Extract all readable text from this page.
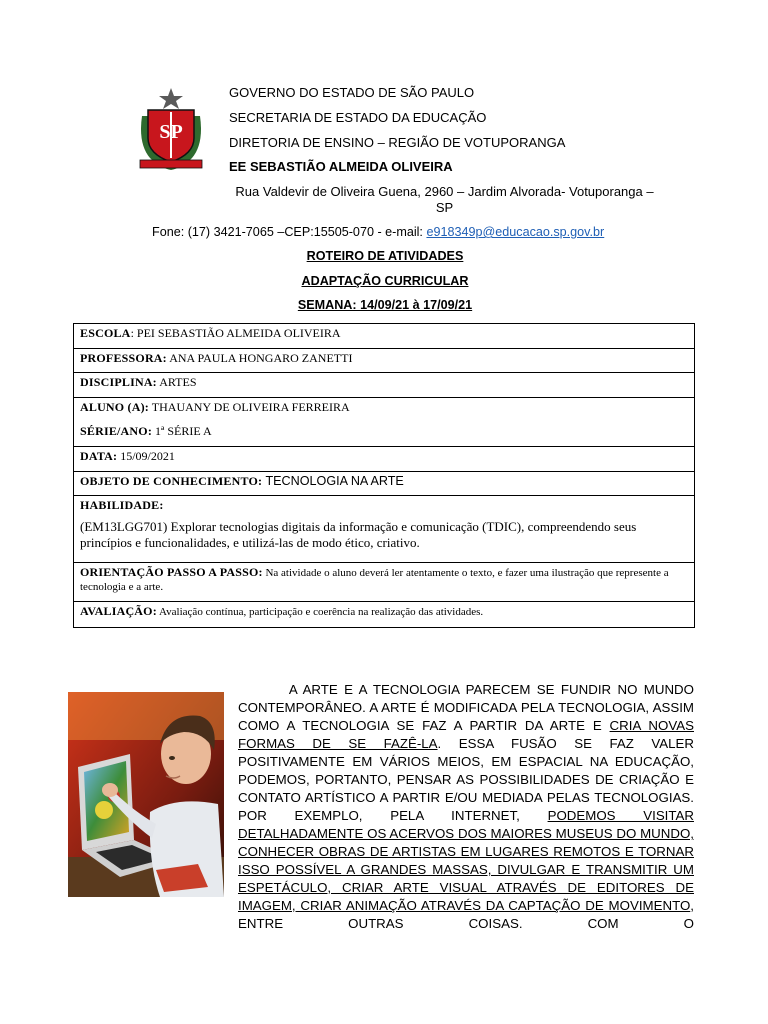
SP
GOVERNO DO ESTADO DE SÃO PAULO
SECRETARIA DE ESTADO DA EDUCAÇÃO
DIRETORIA DE ENSINO – REGIÃO DE VOTUPORANGA
EE SEBASTIÃO ALMEIDA OLIVEIRA
Rua Valdevir de Oliveira Guena, 2960 – Jardim Alvorada- Votuporanga – SP
Fone: (17) 3421-7065 –CEP:15505-070 - e-mail: e918349p@educacao.sp.gov.br
ROTEIRO DE ATIVIDADES
ADAPTAÇÃO CURRICULAR
SEMANA: 14/09/21 à 17/09/21
ESCOLA: PEI SEBASTIÃO ALMEIDA OLIVEIRA
PROFESSORA: ANA PAULA HONGARO ZANETTI
DISCIPLINA: ARTES
ALUNO (A): THAUANY DE OLIVEIRA FERREIRA
SÉRIE/ANO: 1ª SÉRIE A
DATA: 15/09/2021
OBJETO DE CONHECIMENTO: TECNOLOGIA NA ARTE
HABILIDADE:
(EM13LGG701) Explorar tecnologias digitais da informação e comunicação (TDIC), compreendendo seus princípios e funcionalidades, e utilizá-las de modo ético, criativo.
ORIENTAÇÃO PASSO A PASSO: Na atividade o aluno deverá ler atentamente o texto, e fazer uma ilustração que represente a tecnologia e a arte.
AVALIAÇÃO: Avaliação contínua, participação e coerência na realização das atividades.

A ARTE E A TECNOLOGIA PARECEM SE FUNDIR NO MUNDO CONTEMPORÂNEO. A ARTE É MODIFICADA PELA TECNOLOGIA, ASSIM COMO A TECNOLOGIA SE FAZ A PARTIR DA ARTE E CRIA NOVAS FORMAS DE SE FAZÊ-LA. ESSA FUSÃO SE FAZ VALER POSITIVAMENTE EM VÁRIOS MEIOS, EM ESPACIAL NA EDUCAÇÃO, PODEMOS, PORTANTO, PENSAR AS POSSIBILIDADES DE CRIAÇÃO E CONTATO ARTÍSTICO A PARTIR E/OU MEDIADA PELAS TECNOLOGIAS. POR EXEMPLO, PELA INTERNET, PODEMOS VISITAR DETALHADAMENTE OS ACERVOS DOS MAIORES MUSEUS DO MUNDO, CONHECER OBRAS DE ARTISTAS EM LUGARES REMOTOS E TORNAR ISSO POSSÍVEL A GRANDES MASSAS, DIVULGAR E TRANSMITIR UM ESPETÁCULO, CRIAR ARTE VISUAL ATRAVÉS DE EDITORES DE IMAGEM, CRIAR ANIMAÇÃO ATRAVÉS DA CAPTAÇÃO DE MOVIMENTO, ENTRE OUTRAS COISAS. COM O
